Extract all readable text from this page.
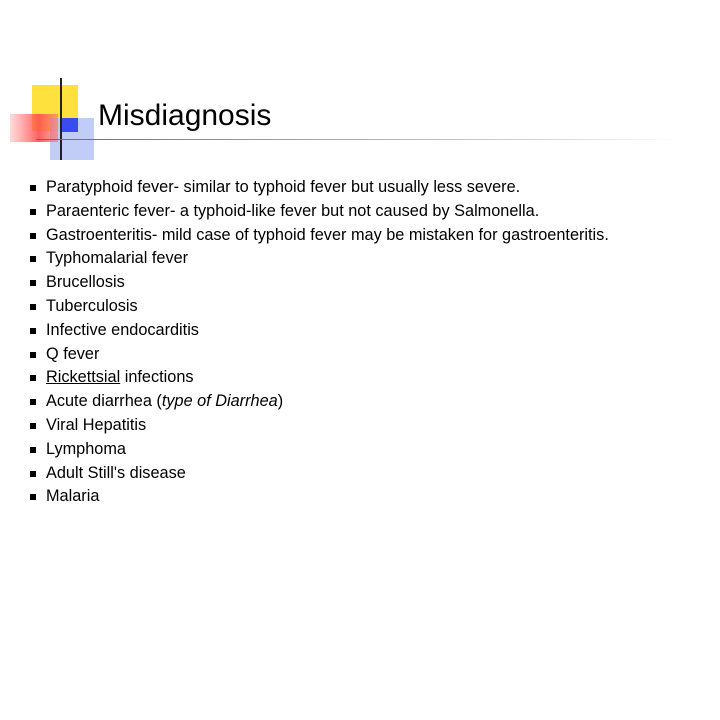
Misdiagnosis
Paratyphoid fever- similar to typhoid fever but usually less severe.
Paraenteric fever- a typhoid-like fever but not caused by Salmonella.
Gastroenteritis- mild case of typhoid fever may be mistaken for gastroenteritis.
Typhomalarial fever
Brucellosis
Tuberculosis
Infective endocarditis
Q fever
Rickettsial infections
Acute diarrhea (type of Diarrhea)
Viral Hepatitis
Lymphoma
Adult Still's disease
Malaria
